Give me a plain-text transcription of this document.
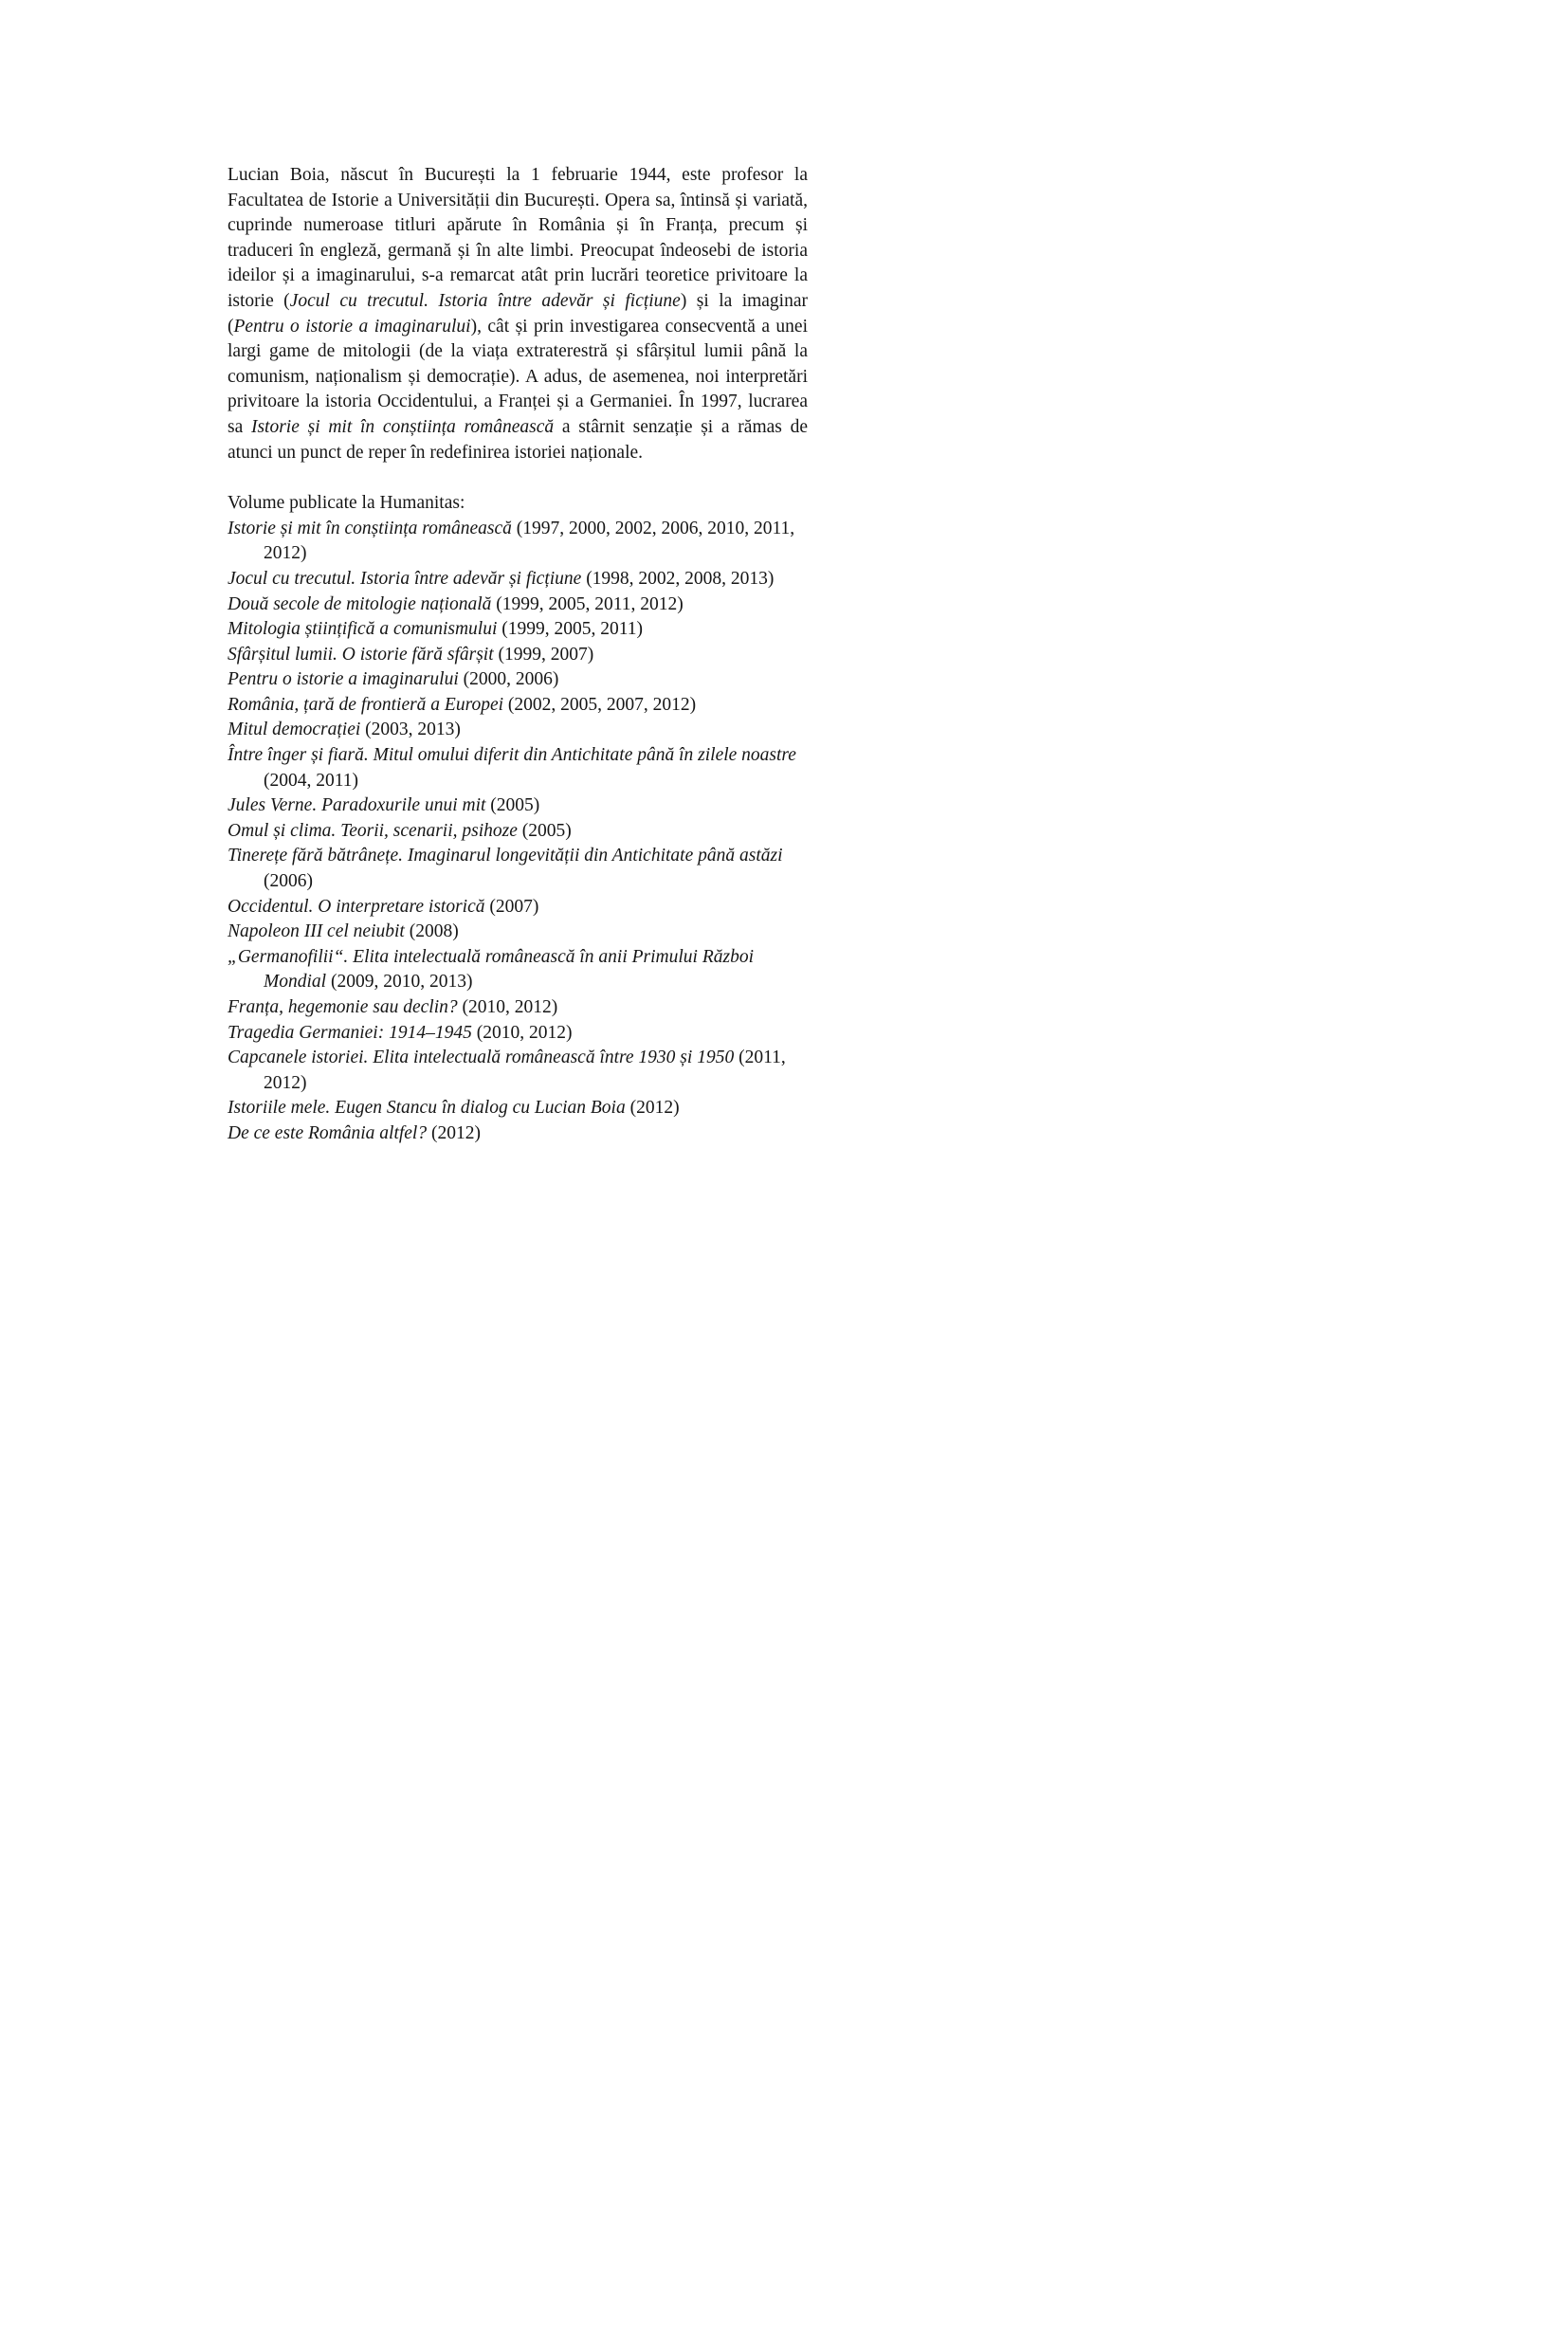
Lucian Boia, născut în București la 1 februarie 1944, este profesor la Facultatea de Istorie a Universității din București. Opera sa, întinsă și variată, cuprinde numeroase titluri apărute în România și în Franța, precum și traduceri în engleză, germană și în alte limbi. Preocupat îndeosebi de istoria ideilor și a imaginarului, s-a remarcat atât prin lucrări teoretice privitoare la istorie (Jocul cu trecutul. Istoria între adevăr și ficțiune) și la imaginar (Pentru o istorie a imaginarului), cât și prin investigarea consecventă a unei largi game de mitologii (de la viața extraterestră și sfârșitul lumii până la comunism, naționalism și democrație). A adus, de asemenea, noi interpretări privitoare la istoria Occidentului, a Franței și a Germaniei. În 1997, lucrarea sa Istorie și mit în conștiința românească a stârnit senzație și a rămas de atunci un punct de reper în redefinirea istoriei naționale.

Volume publicate la Humanitas:

Istorie și mit în conștiința românească (1997, 2000, 2002, 2006, 2010, 2011, 2012)
Jocul cu trecutul. Istoria între adevăr și ficțiune (1998, 2002, 2008, 2013)
Două secole de mitologie națională (1999, 2005, 2011, 2012)
Mitologia științifică a comunismului (1999, 2005, 2011)
Sfârșitul lumii. O istorie fără sfârșit (1999, 2007)
Pentru o istorie a imaginarului (2000, 2006)
România, țară de frontieră a Europei (2002, 2005, 2007, 2012)
Mitul democrației (2003, 2013)
Între înger și fiară. Mitul omului diferit din Antichitate până în zilele noastre (2004, 2011)
Jules Verne. Paradoxurile unui mit (2005)
Omul și clima. Teorii, scenarii, psihoze (2005)
Tinerețe fără bătrânețe. Imaginarul longevității din Antichitate până astăzi (2006)
Occidentul. O interpretare istorică (2007)
Napoleon III cel neiubit (2008)
„Germanofilii“. Elita intelectuală românească în anii Primului Război Mondial (2009, 2010, 2013)
Franța, hegemonie sau declin? (2010, 2012)
Tragedia Germaniei: 1914–1945 (2010, 2012)
Capcanele istoriei. Elita intelectuală românească între 1930 și 1950 (2011, 2012)
Istoriile mele. Eugen Stancu în dialog cu Lucian Boia (2012)
De ce este România altfel? (2012)
